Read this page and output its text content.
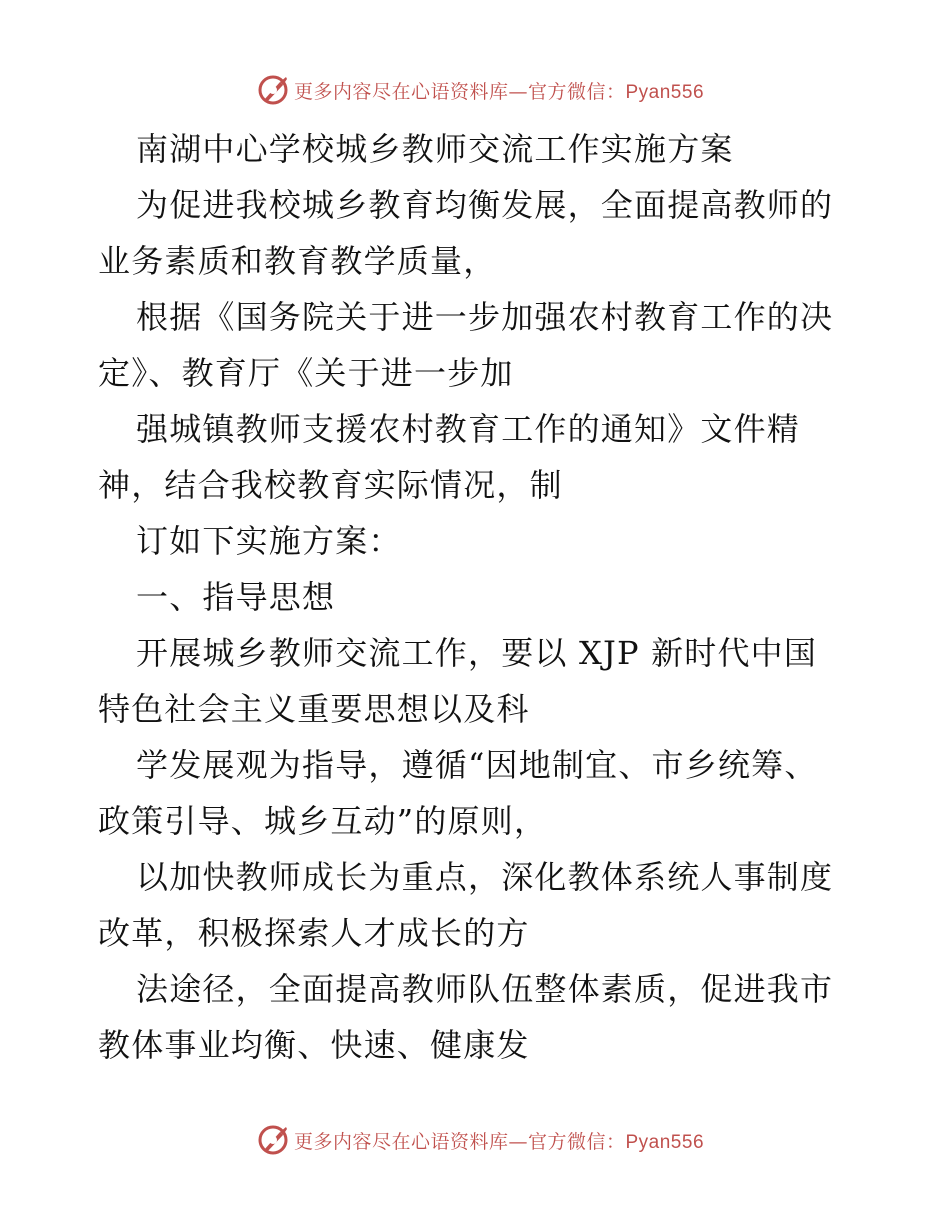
更多内容尽在心语资料库—官方微信：Pyan556
南湖中心学校城乡教师交流工作实施方案
为促进我校城乡教育均衡发展，全面提高教师的
业务素质和教育教学质量，
根据《国务院关于进一步加强农村教育工作的决
定》、教育厅《关于进一步加
强城镇教师支援农村教育工作的通知》文件精
神，结合我校教育实际情况，制
订如下实施方案：
一、指导思想
开展城乡教师交流工作，要以 XJP 新时代中国
特色社会主义重要思想以及科
学发展观为指导，遵循“因地制宜、市乡统筹、
政策引导、城乡互动”的原则，
以加快教师成长为重点，深化教体系统人事制度
改革，积极探索人才成长的方
法途径，全面提高教师队伍整体素质，促进我市
教体事业均衡、快速、健康发
更多内容尽在心语资料库—官方微信：Pyan556
